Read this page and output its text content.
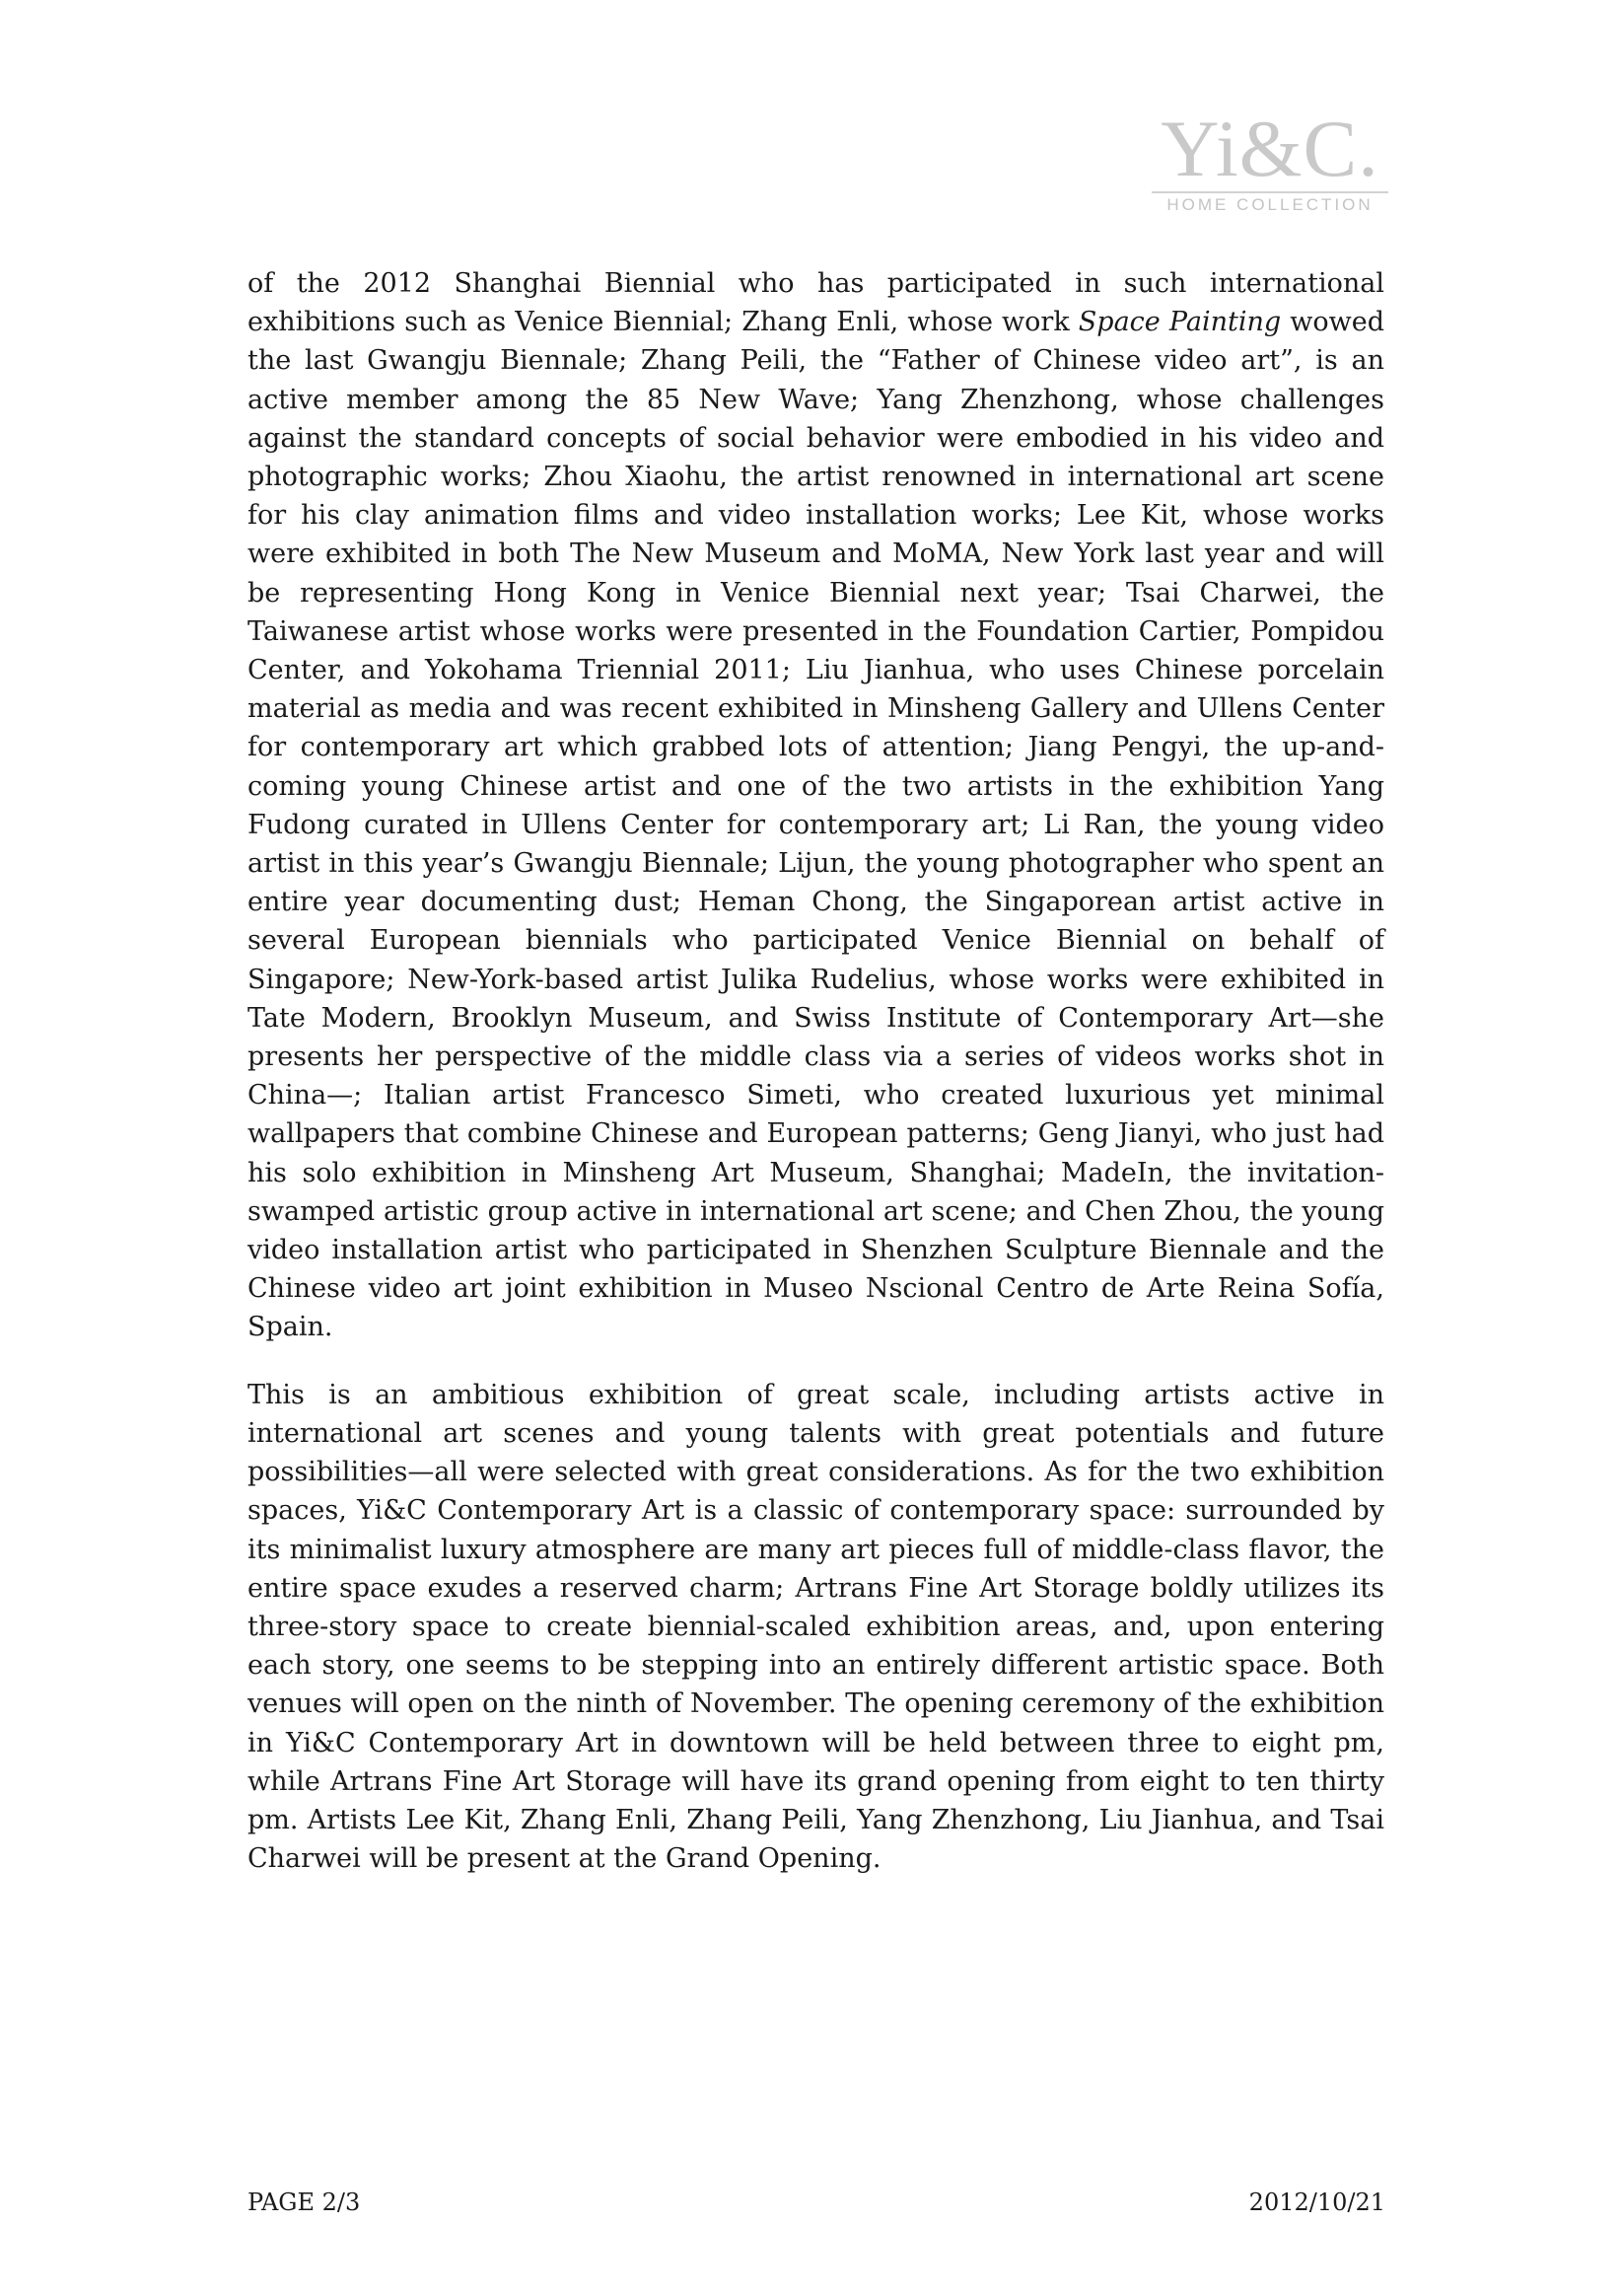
Yi&C.
HOME COLLECTION

of the 2012 Shanghai Biennial who has participated in such international exhibitions such as Venice Biennial; Zhang Enli, whose work Space Painting wowed the last Gwangju Biennale; Zhang Peili, the “Father of Chinese video art”, is an active member among the 85 New Wave; Yang Zhenzhong, whose challenges against the standard concepts of social behavior were embodied in his video and photographic works; Zhou Xiaohu, the artist renowned in international art scene for his clay animation films and video installation works; Lee Kit, whose works were exhibited in both The New Museum and MoMA, New York last year and will be representing Hong Kong in Venice Biennial next year; Tsai Charwei, the Taiwanese artist whose works were presented in the Foundation Cartier, Pompidou Center, and Yokohama Triennial 2011; Liu Jianhua, who uses Chinese porcelain material as media and was recent exhibited in Minsheng Gallery and Ullens Center for contemporary art which grabbed lots of attention; Jiang Pengyi, the up-and-coming young Chinese artist and one of the two artists in the exhibition Yang Fudong curated in Ullens Center for contemporary art; Li Ran, the young video artist in this year’s Gwangju Biennale; Lijun, the young photographer who spent an entire year documenting dust; Heman Chong, the Singaporean artist active in several European biennials who participated Venice Biennial on behalf of Singapore; New-York-based artist Julika Rudelius, whose works were exhibited in Tate Modern, Brooklyn Museum, and Swiss Institute of Contemporary Art—she presents her perspective of the middle class via a series of videos works shot in China—; Italian artist Francesco Simeti, who created luxurious yet minimal wallpapers that combine Chinese and European patterns; Geng Jianyi, who just had his solo exhibition in Minsheng Art Museum, Shanghai; MadeIn, the invitation-swamped artistic group active in international art scene; and Chen Zhou, the young video installation artist who participated in Shenzhen Sculpture Biennale and the Chinese video art joint exhibition in Museo Nscional Centro de Arte Reina Sofía, Spain.

This is an ambitious exhibition of great scale, including artists active in international art scenes and young talents with great potentials and future possibilities—all were selected with great considerations. As for the two exhibition spaces, Yi&C Contemporary Art is a classic of contemporary space: surrounded by its minimalist luxury atmosphere are many art pieces full of middle-class flavor, the entire space exudes a reserved charm; Artrans Fine Art Storage boldly utilizes its three-story space to create biennial-scaled exhibition areas, and, upon entering each story, one seems to be stepping into an entirely different artistic space. Both venues will open on the ninth of November. The opening ceremony of the exhibition in Yi&C Contemporary Art in downtown will be held between three to eight pm, while Artrans Fine Art Storage will have its grand opening from eight to ten thirty pm. Artists Lee Kit, Zhang Enli, Zhang Peili, Yang Zhenzhong, Liu Jianhua, and Tsai Charwei will be present at the Grand Opening.

PAGE 2/3	2012/10/21
